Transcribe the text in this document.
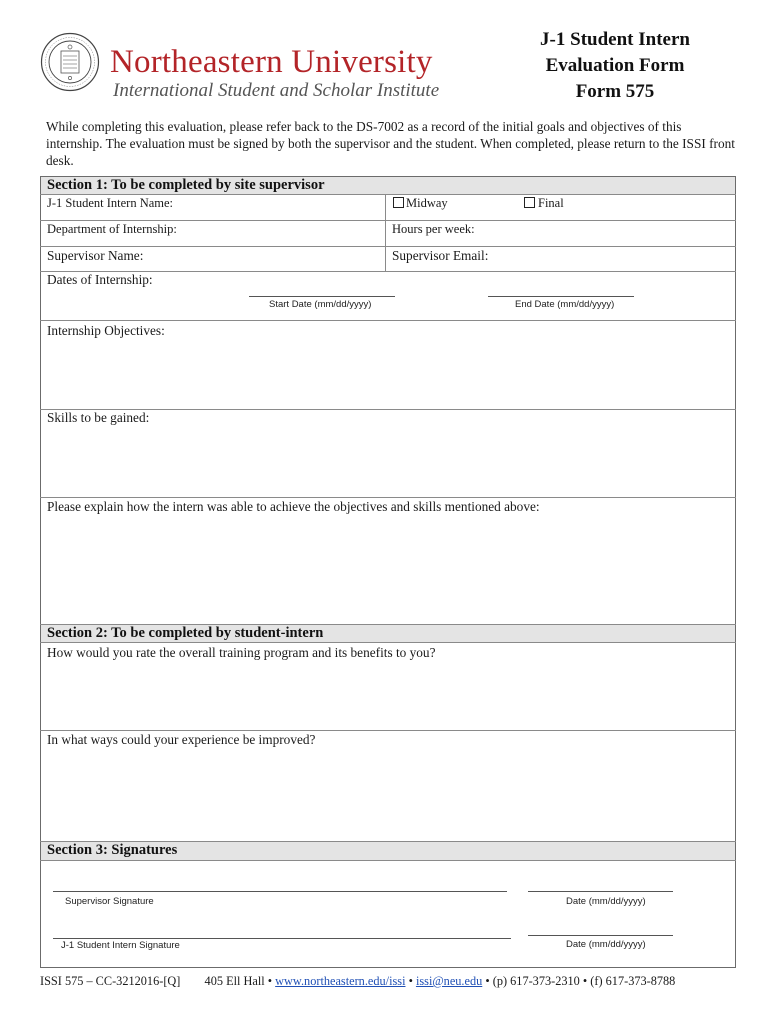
Northeastern University
International Student and Scholar Institute
J-1 Student Intern
Evaluation Form
Form 575
While completing this evaluation, please refer back to the DS-7002 as a record of the initial goals and objectives of this internship. The evaluation must be signed by both the supervisor and the student. When completed, please return to the ISSI front desk.
Section 1: To be completed by site supervisor
J-1 Student Intern Name:	Midway	Final
Department of Internship:	Hours per week:
Supervisor Name:	Supervisor Email:
Dates of Internship:
Start Date (mm/dd/yyyy)	End Date (mm/dd/yyyy)
Internship Objectives:
Skills to be gained:
Please explain how the intern was able to achieve the objectives and skills mentioned above:
Section 2: To be completed by student-intern
How would you rate the overall training program and its benefits to you?
In what ways could your experience be improved?
Section 3: Signatures
Supervisor Signature	Date (mm/dd/yyyy)
J-1 Student Intern Signature	Date (mm/dd/yyyy)
ISSI 575 – CC-3212016-[Q] 405 Ell Hall • www.northeastern.edu/issi • issi@neu.edu • (p) 617-373-2310 • (f) 617-373-8788
